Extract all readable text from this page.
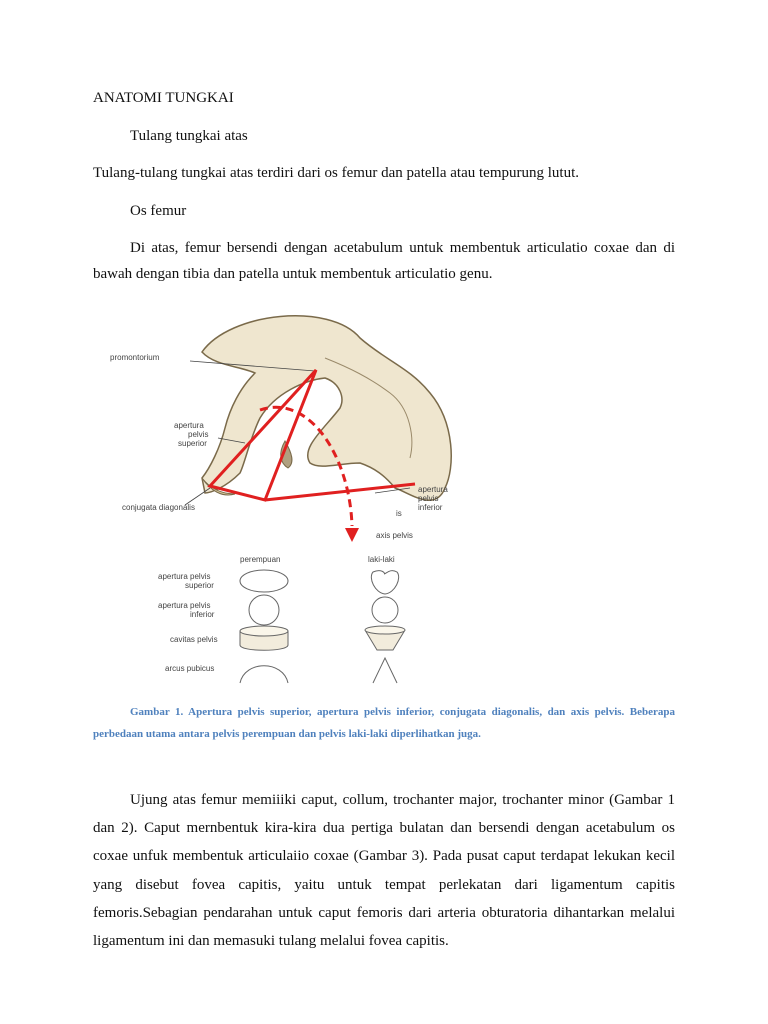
ANATOMI TUNGKAI
Tulang tungkai atas
Tulang-tulang tungkai atas terdiri dari os femur dan patella atau tempurung lutut.
Os femur
Di atas, femur bersendi dengan acetabulum untuk membentuk articulatio coxae dan di bawah dengan tibia dan patella untuk membentuk articulatio genu.
promontorium
apertura
pelvis
superior
conjugata diagonalis
apertura
pelvis
inferior
is
axis pelvis
perempuan	laki-laki
apertura pelvis
superior
apertura pelvis
inferior
cavitas pelvis
arcus pubicus
Gambar 1. Apertura pelvis superior, apertura pelvis inferior, conjugata diagonalis, dan axis pelvis. Beberapa perbedaan utama antara pelvis perempuan dan pelvis laki-laki diperlihatkan juga.
Ujung atas femur memiiiki caput, collum, trochanter major, trochanter minor (Gambar 1 dan 2). Caput mernbentuk kira-kira dua pertiga bulatan dan bersendi dengan acetabulum os coxae unfuk membentuk articulaiio coxae (Gambar 3). Pada pusat caput terdapat lekukan kecil yang disebut fovea capitis, yaitu untuk tempat perlekatan dari ligamentum capitis femoris.Sebagian pendarahan untuk caput femoris dari arteria obturatoria dihantarkan melalui ligamentum ini dan memasuki tulang melalui fovea capitis.
